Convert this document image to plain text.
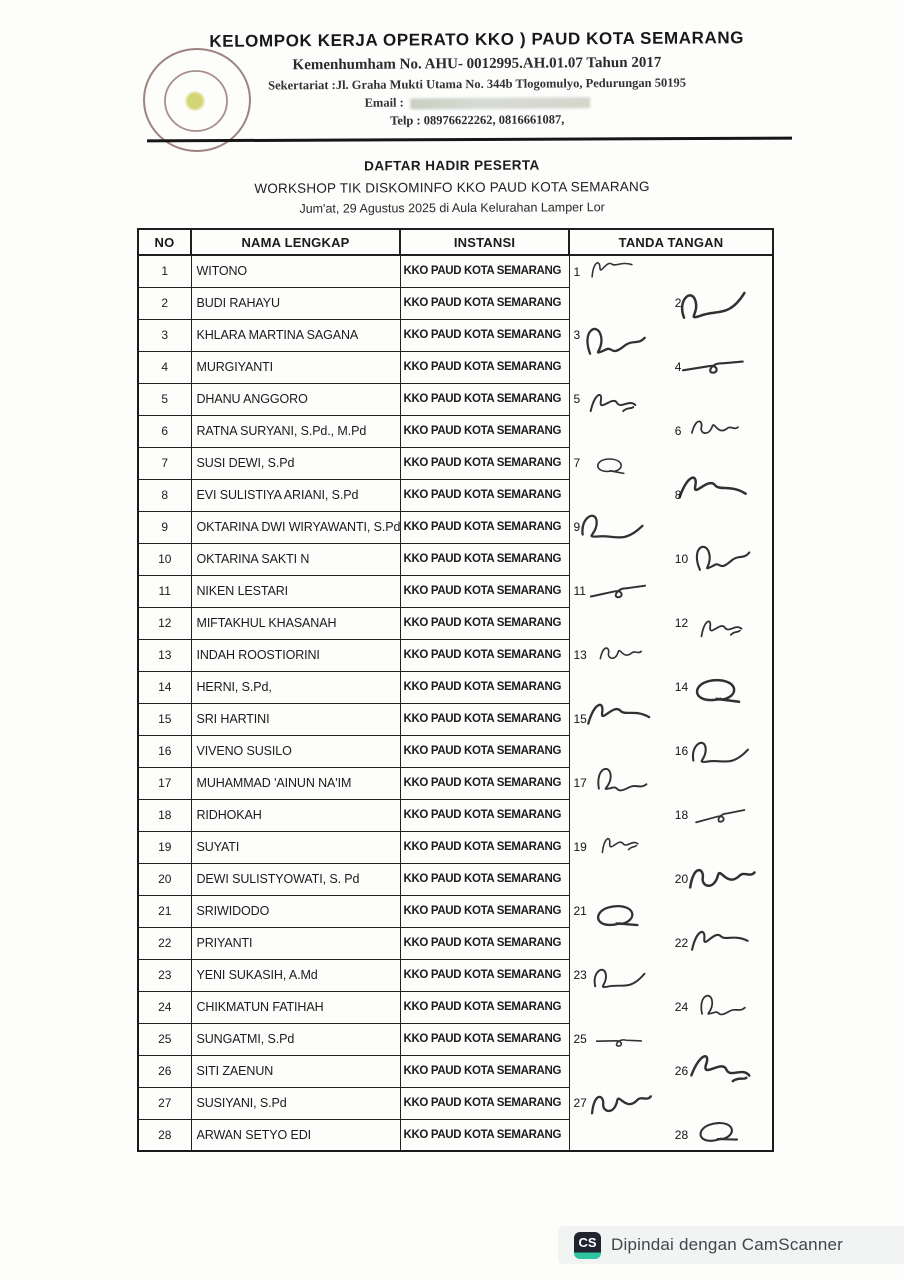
KELOMPOK KERJA OPERATO KKO ) PAUD KOTA SEMARANG
Kemenhumham No. AHU- 0012995.AH.01.07 Tahun 2017
Sekertariat :Jl. Graha Mukti Utama No. 344b Tlogomulyo, Pedurungan 50195
Email :
Telp : 08976622262, 0816661087,
DAFTAR HADIR PESERTA
WORKSHOP TIK DISKOMINFO KKO PAUD KOTA SEMARANG
Jum'at, 29 Agustus 2025 di Aula Kelurahan Lamper Lor
NO	NAMA LENGKAP	INSTANSI	TANDA TANGAN
1	WITONO	KKO PAUD KOTA SEMARANG	1

2	BUDI RAHAYU	KKO PAUD KOTA SEMARANG	2

3	KHLARA MARTINA SAGANA	KKO PAUD KOTA SEMARANG	3

4	MURGIYANTI	KKO PAUD KOTA SEMARANG	4

5	DHANU ANGGORO	KKO PAUD KOTA SEMARANG	5

6	RATNA SURYANI, S.Pd., M.Pd	KKO PAUD KOTA SEMARANG	6

7	SUSI DEWI, S.Pd	KKO PAUD KOTA SEMARANG	7

8	EVI SULISTIYA ARIANI, S.Pd	KKO PAUD KOTA SEMARANG	8

9	OKTARINA DWI WIRYAWANTI, S.Pd	KKO PAUD KOTA SEMARANG	9

10	OKTARINA SAKTI N	KKO PAUD KOTA SEMARANG	10

11	NIKEN LESTARI	KKO PAUD KOTA SEMARANG	11

12	MIFTAKHUL KHASANAH	KKO PAUD KOTA SEMARANG	12

13	INDAH ROOSTIORINI	KKO PAUD KOTA SEMARANG	13

14	HERNI, S.Pd,	KKO PAUD KOTA SEMARANG	14

15	SRI HARTINI	KKO PAUD KOTA SEMARANG	15

16	VIVENO SUSILO	KKO PAUD KOTA SEMARANG	16

17	MUHAMMAD 'AINUN NA'IM	KKO PAUD KOTA SEMARANG	17

18	RIDHOKAH	KKO PAUD KOTA SEMARANG	18

19	SUYATI	KKO PAUD KOTA SEMARANG	19

20	DEWI SULISTYOWATI, S. Pd	KKO PAUD KOTA SEMARANG	20

21	SRIWIDODO	KKO PAUD KOTA SEMARANG	21

22	PRIYANTI	KKO PAUD KOTA SEMARANG	22

23	YENI SUKASIH, A.Md	KKO PAUD KOTA SEMARANG	23

24	CHIKMATUN FATIHAH	KKO PAUD KOTA SEMARANG	24

25	SUNGATMI, S.Pd	KKO PAUD KOTA SEMARANG	25

26	SITI ZAENUN	KKO PAUD KOTA SEMARANG	26

27	SUSIYANI, S.Pd	KKO PAUD KOTA SEMARANG	27

28	ARWAN SETYO EDI	KKO PAUD KOTA SEMARANG	28
CS Dipindai dengan CamScanner
